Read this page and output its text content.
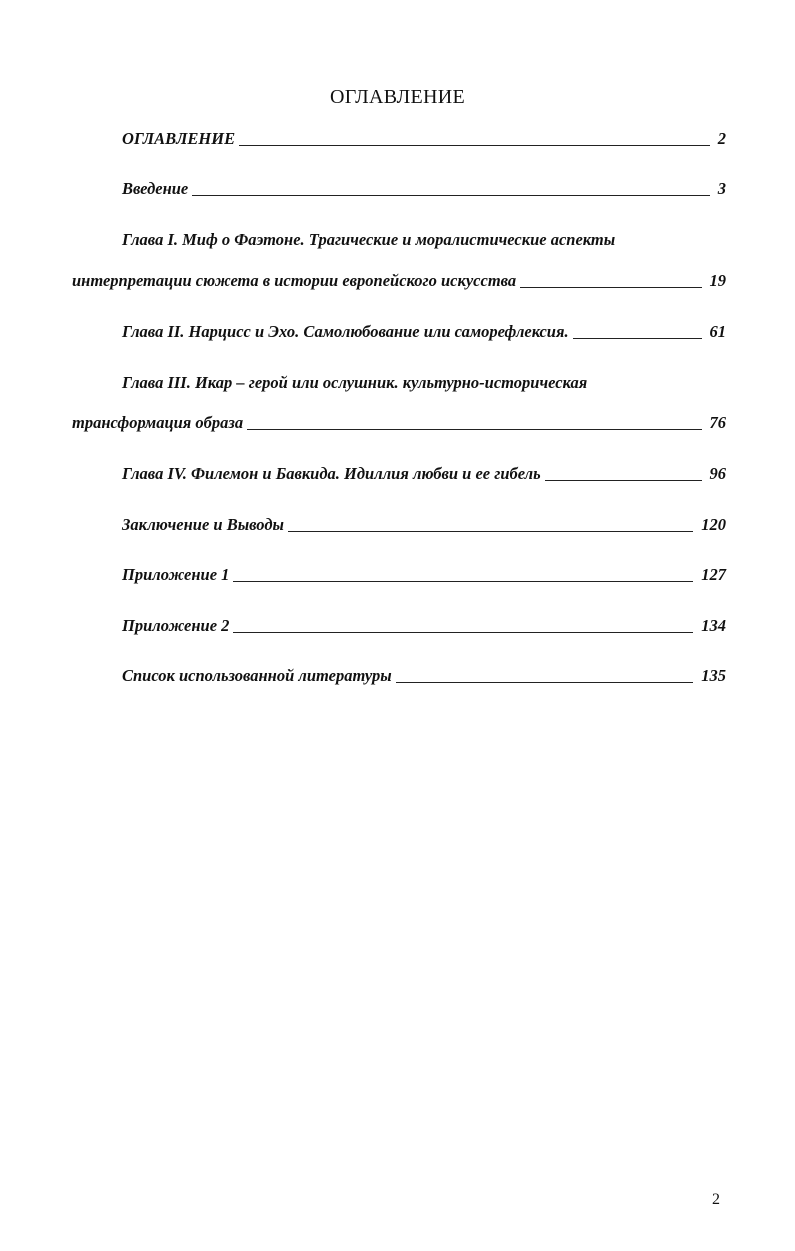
ОГЛАВЛЕНИЕ
ОГЛАВЛЕНИЕ	2
Введение	3
Глава I. Миф о Фаэтоне. Трагические и моралистические аспекты
интерпретации сюжета в истории европейского искусства	19
Глава II. Нарцисс и Эхо. Самолюбование или саморефлексия.	61
Глава III. Икар – герой или ослушник. культурно-историческая
трансформация образа	76
Глава IV. Филемон и Бавкида. Идиллия любви и ее гибель	96
Заключение и Выводы	120
Приложение 1	127
Приложение 2	134
Список использованной литературы	135
2
